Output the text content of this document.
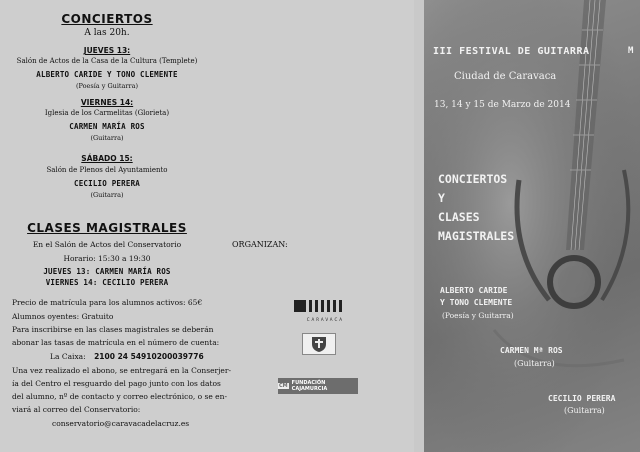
CONCIERTOS
A las 20h.
JUEVES 13:
Salón de Actos de la Casa de la Cultura (Templete)
ALBERTO CARIDE Y TONO CLEMENTE
(Poesía y Guitarra)
VIERNES 14:
Iglesia de los Carmelitas (Glorieta)
CARMEN MARÍA ROS
(Guitarra)
SÁBADO 15:
Salón de Plenos del Ayuntamiento
CECILIO PERERA
(Guitarra)
CLASES MAGISTRALES
En el Salón de Actos del Conservatorio
Horario: 15:30 a 19:30
JUEVES 13: CARMEN MARÍA ROS
VIERNES 14: CECILIO PERERA
ORGANIZAN:
Precio de matrícula para los alumnos activos: 65€
Alumnos oyentes: Gratuito
Para inscribirse en las clases magistrales se deberán
abonar las tasas de matrícula en el número de cuenta:
La Caixa: 2100 24 54910200039776
Una vez realizado el abono, se entregará en la Conserjer-
ía del Centro el resguardo del pago junto con los datos
del alumno, nº de contacto y correo electrónico, o se en-
viará al correo del Conservatorio:
conservatorio@caravacadelacruz.es
CARAVACA
CM FUNDACIÓN CAJAMURCIA
III FESTIVAL DE GUITARRA
Ciudad de Caravaca
13, 14 y 15 de Marzo de 2014
CONCIERTOS
Y
CLASES
MAGISTRALES
ALBERTO CARIDE
Y TONO CLEMENTE
(Poesía y Guitarra)
CARMEN Mª ROS
(Guitarra)
CECILIO PERERA
(Guitarra)
M
